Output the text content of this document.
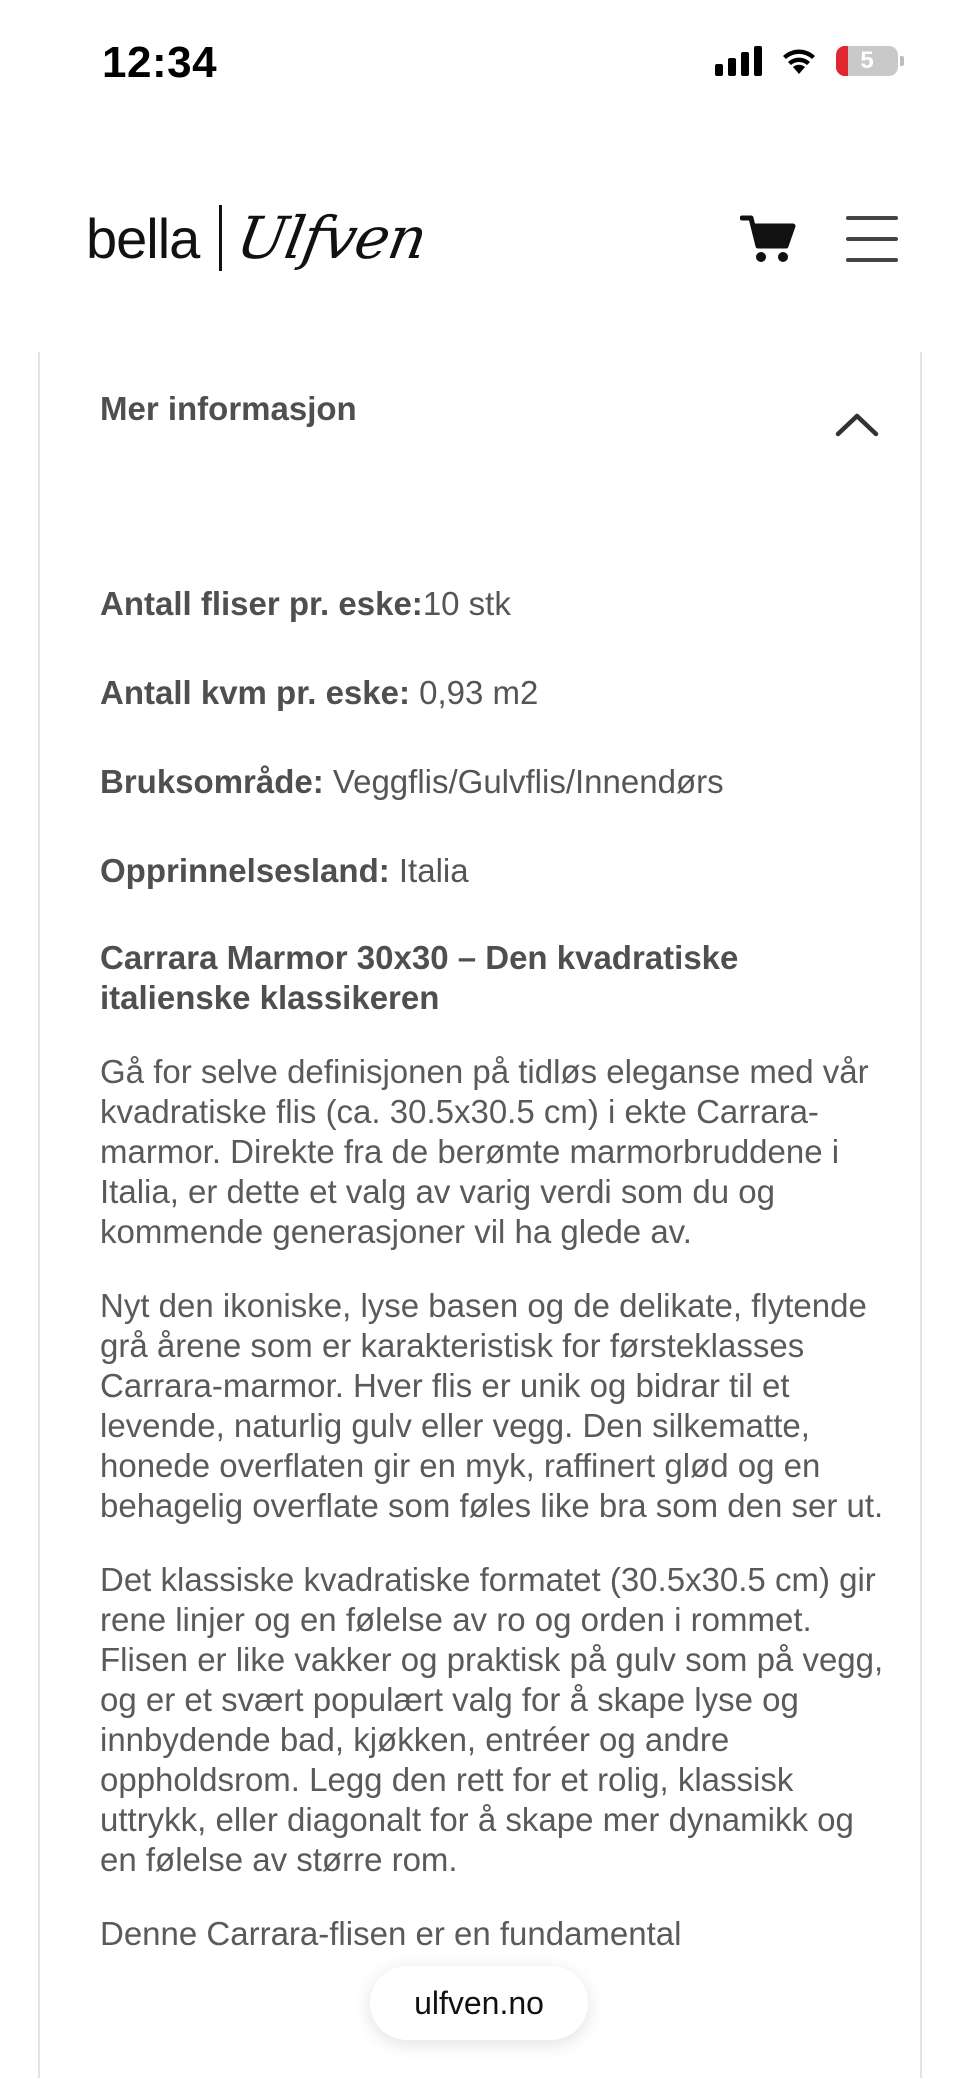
12:34	5
bella Ulfven
Mer informasjon
Antall fliser pr. eske:10 stk
Antall kvm pr. eske: 0,93 m2
Bruksområde: Veggflis/Gulvflis/Innendørs
Opprinnelsesland: Italia
Carrara Marmor 30x30 – Den kvadratiske italienske klassikeren

Gå for selve definisjonen på tidløs eleganse med vår kvadratiske flis (ca. 30.5x30.5 cm) i ekte Carrara-marmor. Direkte fra de berømte marmorbruddene i Italia, er dette et valg av varig verdi som du og kommende generasjoner vil ha glede av.

Nyt den ikoniske, lyse basen og de delikate, flytende grå årene som er karakteristisk for førsteklasses Carrara-marmor. Hver flis er unik og bidrar til et levende, naturlig gulv eller vegg. Den silkematte, honede overflaten gir en myk, raffinert glød og en behagelig overflate som føles like bra som den ser ut.

Det klassiske kvadratiske formatet (30.5x30.5 cm) gir rene linjer og en følelse av ro og orden i rommet. Flisen er like vakker og praktisk på gulv som på vegg, og er et svært populært valg for å skape lyse og innbydende bad, kjøkken, entréer og andre oppholdsrom. Legg den rett for et rolig, klassisk uttrykk, eller diagonalt for å skape mer dynamikk og en følelse av større rom.

Denne Carrara-flisen er en fundamental

ulfven.no
